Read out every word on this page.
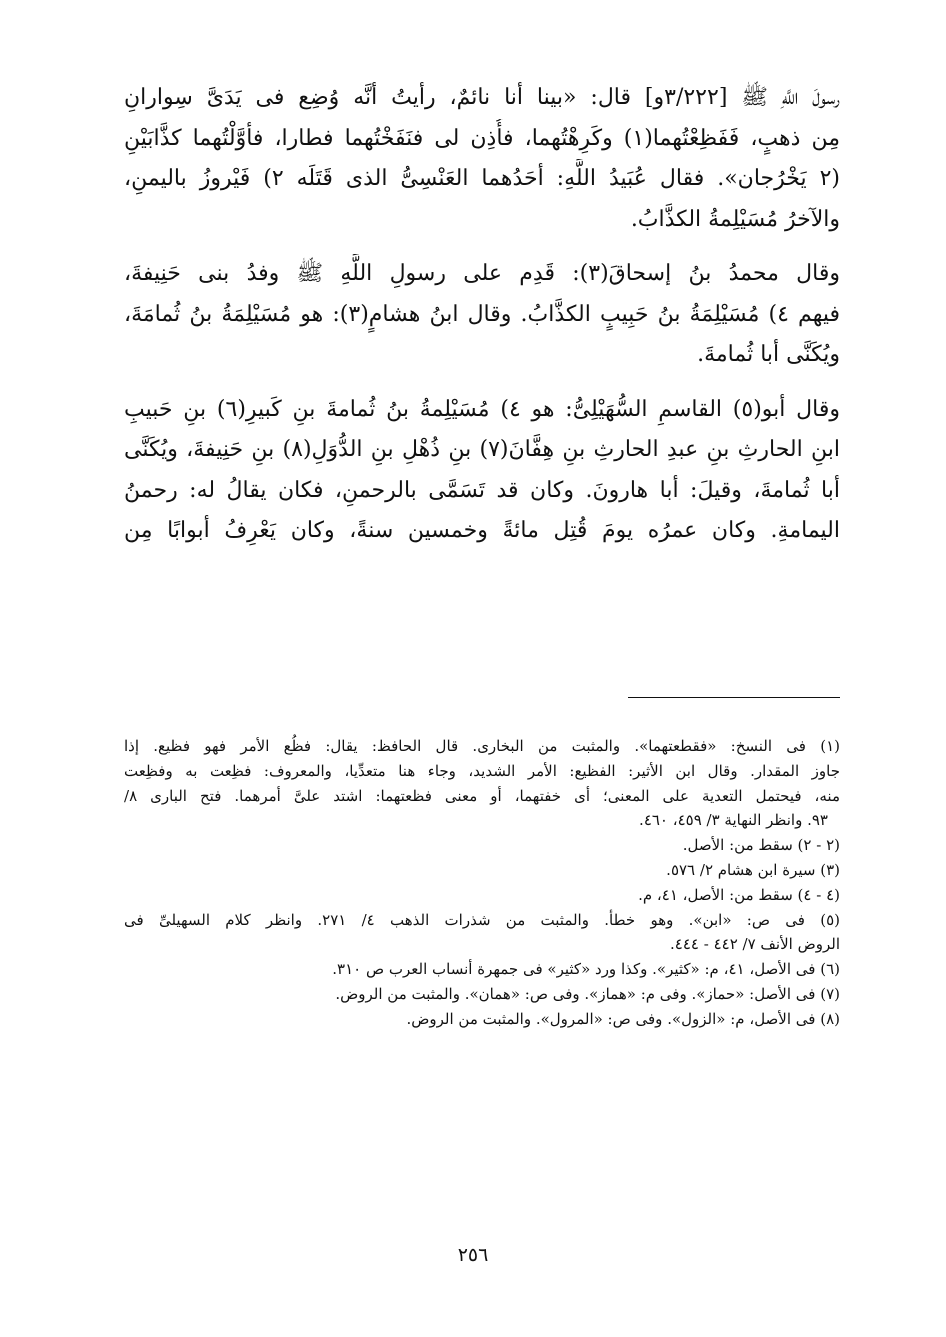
رسولَ اللَّهِ ﷺ [٣/٢٢٢و] قال: «بينا أنا نائمٌ، رأيتُ أنَّه وُضِع فى يَدَىَّ سِوارانِ
مِن ذهبٍ، فَفَظِعْتُهما(١) وكَرِهْتُهما، فأُذِن لى فنَفَخْتُهما فطارا، فأوَّلْتُهما كذَّابَيْنِ
(٢ يَخْرُجان». فقال عُبَيدُ اللَّهِ: أحَدُهما العَنْسِىُّ الذى قَتَلَه ٢) فَيْروزُ باليمنِ،
والآخرُ مُسَيْلِمةُ الكذَّابُ.
وقال محمدُ بنُ إسحاقَ(٣): قَدِم على رسولِ اللَّهِ ﷺ وفدُ بنى حَنِيفةَ،
فيهم ٤) مُسَيْلِمَةُ بنُ حَبِيبٍ الكذَّابُ. وقال ابنُ هشامٍ(٣): هو مُسَيْلِمَةُ بنُ ثُمامَةَ،
ويُكَنَّى أبا ثُمامةَ.
وقال أبو(٥) القاسمِ السُّهَيْلِىُّ: هو ٤) مُسَيْلِمةُ بنُ ثُمامةَ بنِ كَبيرِ(٦) بنِ حَبيبِ
ابنِ الحارثِ بنِ عبدِ الحارثِ بنِ هِفَّانَ(٧) بنِ ذُهْلِ بنِ الدُّوَلِ(٨) بنِ حَنِيفةَ، ويُكَنَّى
أبا ثُمامةَ، وقيلَ: أبا هارونَ. وكان قد تَسَمَّى بالرحمنِ، فكان يقالُ له: رحمنُ
اليمامةِ. وكان عمرُه يومَ قُتِل مائةً وخمسين سنةً، وكان يَعْرِفُ أبوابًا مِن
(١) فى النسخ: «فقطعتهما». والمثبت من البخارى. قال الحافظ: يقال: فظُع الأمر فهو فظيع. إذا
جاوز المقدار. وقال ابن الأثير: الفظيع: الأمر الشديد، وجاء هنا متعدِّيا، والمعروف: فظِعت به وفظِعت
منه، فيحتمل التعدية على المعنى؛ أى خفتهما، أو معنى فظعتهما: اشتد علىَّ أمرهما. فتح البارى ٨/
٩٣. وانظر النهاية ٣/ ٤٥٩، ٤٦٠.
(٢ - ٢) سقط من: الأصل.
(٣) سيرة ابن هشام ٢/ ٥٧٦.
(٤ - ٤) سقط من: الأصل، ٤١، م.
(٥) فى ص: «ابن». وهو خطأ. والمثبت من شذرات الذهب ٤/ ٢٧١. وانظر كلام السهيلىِّ فى
الروض الأنف ٧/ ٤٤٢ - ٤٤٤.
(٦) فى الأصل، ٤١، م: «كثير». وكذا ورد «كثير» فى جمهرة أنساب العرب ص ٣١٠.
(٧) فى الأصل: «حماز». وفى م: «هماز». وفى ص: «همان». والمثبت من الروض.
(٨) فى الأصل، م: «الزول». وفى ص: «المرول». والمثبت من الروض.
٢٥٦
